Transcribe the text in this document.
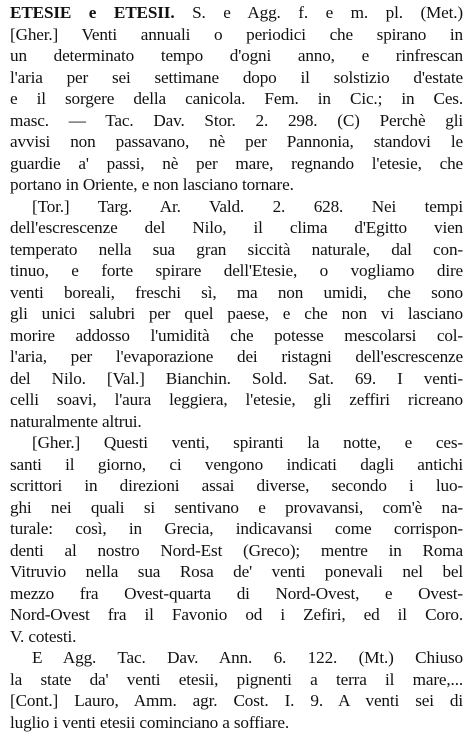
ETESIE e ETESII. S. e Agg. f. e m. pl. (Met.)
[Gher.] Venti annuali o periodici che spirano in
un determinato tempo d'ogni anno, e rinfrescan
l'aria per sei settimane dopo il solstizio d'estate
e il sorgere della canicola. Fem. in Cic.; in Ces.
masc. — Tac. Dav. Stor. 2. 298. (C) Perchè gli
avvisi non passavano, nè per Pannonia, standovi le
guardie a' passi, nè per mare, regnando l'etesie, che
portano in Oriente, e non lasciano tornare.
[Tor.] Targ. Ar. Vald. 2. 628. Nei tempi
dell'escrescenze del Nilo, il clima d'Egitto vien
temperato nella sua gran siccità naturale, dal con-
tinuo, e forte spirare dell'Etesie, o vogliamo dire
venti boreali, freschi sì, ma non umidi, che sono
gli unici salubri per quel paese, e che non vi lasciano
morire addosso l'umidità che potesse mescolarsi col-
l'aria, per l'evaporazione dei ristagni dell'escrescenze
del Nilo. [Val.] Bianchin. Sold. Sat. 69. I venti-
celli soavi, l'aura leggiera, l'etesie, gli zeffiri ricreano
naturalmente altrui.
[Gher.] Questi venti, spiranti la notte, e ces-
santi il giorno, ci vengono indicati dagli antichi
scrittori in direzioni assai diverse, secondo i luo-
ghi nei quali si sentivano e provavansi, com'è na-
turale: così, in Grecia, indicavansi come corrispon-
denti al nostro Nord-Est (Greco); mentre in Roma
Vitruvio nella sua Rosa de' venti ponevali nel bel
mezzo fra Ovest-quarta di Nord-Ovest, e Ovest-
Nord-Ovest fra il Favonio od i Zefiri, ed il Coro.
V. cotesti.
E Agg. Tac. Dav. Ann. 6. 122. (Mt.) Chiuso
la state da' venti etesii, pignenti a terra il mare,...
[Cont.] Lauro, Amm. agr. Cost. I. 9. A venti sei di
luglio i venti etesii cominciano a soffiare.
